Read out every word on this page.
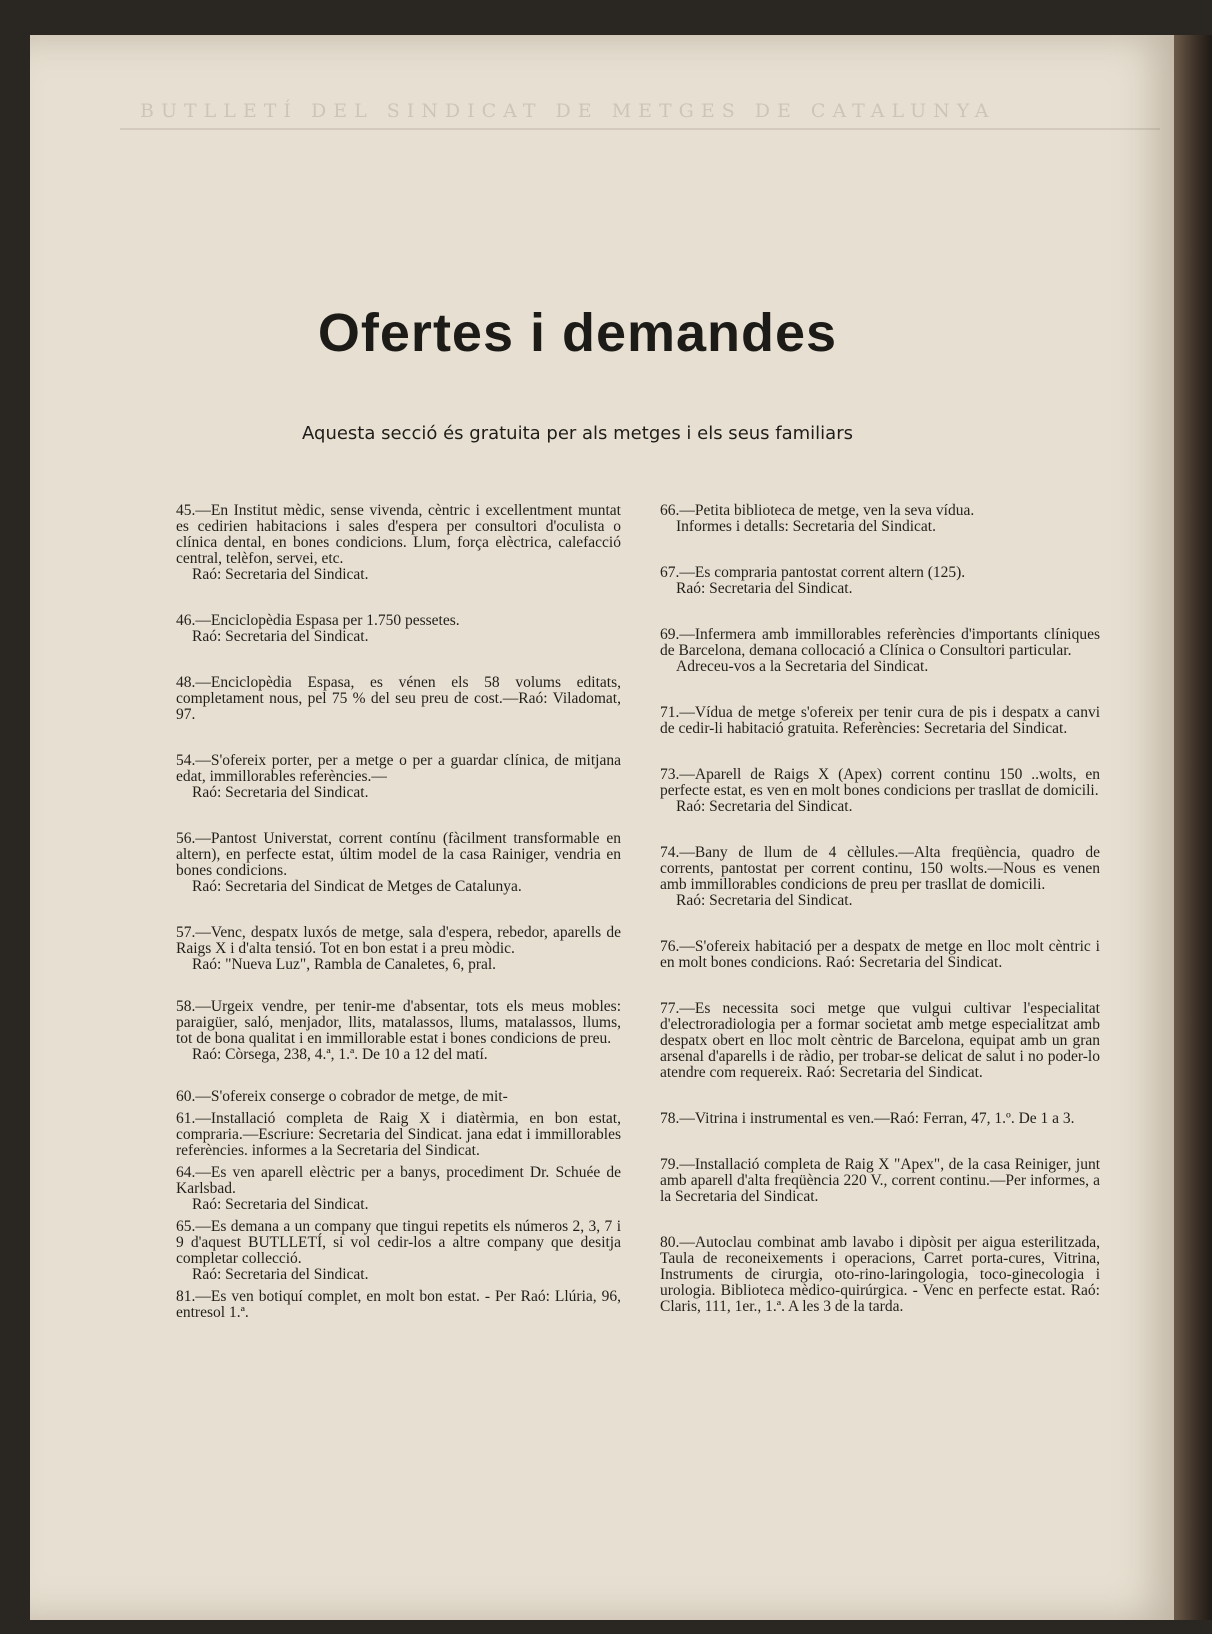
BUTLLETÍ DEL SINDICAT DE METGES DE CATALUNYA
Ofertes i demandes
Aquesta secció és gratuita per als metges i els seus familiars

45.—En Institut mèdic, sense vivenda, cèntric i excellentment muntat es cedirien habitacions i sales d'espera per consultori d'oculista o clínica dental, en bones condicions. Llum, força elèctrica, calefacció central, telèfon, servei, etc.

Raó: Secretaria del Sindicat.

46.—Enciclopèdia Espasa per 1.750 pessetes.

Raó: Secretaria del Sindicat.

48.—Enciclopèdia Espasa, es vénen els 58 volums editats, completament nous, pel 75 % del seu preu de cost.—Raó: Viladomat, 97.

54.—S'ofereix porter, per a metge o per a guardar clínica, de mitjana edat, immillorables referències.—

Raó: Secretaria del Sindicat.

56.—Pantost Universtat, corrent contínu (fàcilment transformable en altern), en perfecte estat, últim model de la casa Rainiger, vendria en bones condicions.

Raó: Secretaria del Sindicat de Metges de Catalunya.

57.—Venc, despatx luxós de metge, sala d'espera, rebedor, aparells de Raigs X i d'alta tensió. Tot en bon estat i a preu mòdic.

Raó: "Nueva Luz", Rambla de Canaletes, 6, pral.

58.—Urgeix vendre, per tenir-me d'absentar, tots els meus mobles: paraigüer, saló, menjador, llits, matalassos, llums, matalassos, llums, tot de bona qualitat i en immillorable estat i bones condicions de preu.

Raó: Còrsega, 238, 4.ª, 1.ª. De 10 a 12 del matí.

60.—S'ofereix conserge o cobrador de metge, de mit-

61.—Installació completa de Raig X i diatèrmia, en bon estat, compraria.—Escriure: Secretaria del Sindicat. jana edat i immillorables referències. informes a la Secretaria del Sindicat.

64.—Es ven aparell elèctric per a banys, procediment Dr. Schuée de Karlsbad.

Raó: Secretaria del Sindicat.

65.—Es demana a un company que tingui repetits els números 2, 3, 7 i 9 d'aquest BUTLLETÍ, si vol cedir-los a altre company que desitja completar collecció.

Raó: Secretaria del Sindicat.

81.—Es ven botiquí complet, en molt bon estat. - Per Raó: Llúria, 96, entresol 1.ª.

66.—Petita biblioteca de metge, ven la seva vídua.

Informes i detalls: Secretaria del Sindicat.

67.—Es compraria pantostat corrent altern (125).

Raó: Secretaria del Sindicat.

69.—Infermera amb immillorables referències d'importants clíniques de Barcelona, demana collocació a Clínica o Consultori particular.

Adreceu-vos a la Secretaria del Sindicat.

71.—Vídua de metge s'ofereix per tenir cura de pis i despatx a canvi de cedir-li habitació gratuita. Referències: Secretaria del Sindicat.

73.—Aparell de Raigs X (Apex) corrent continu 150 ..wolts, en perfecte estat, es ven en molt bones condicions per trasllat de domicili.

Raó: Secretaria del Sindicat.

74.—Bany de llum de 4 cèllules.—Alta freqüència, quadro de corrents, pantostat per corrent continu, 150 wolts.—Nous es venen amb immillorables condicions de preu per trasllat de domicili.

Raó: Secretaria del Sindicat.

76.—S'ofereix habitació per a despatx de metge en lloc molt cèntric i en molt bones condicions. Raó: Secretaria del Sindicat.

77.—Es necessita soci metge que vulgui cultivar l'especialitat d'electroradiologia per a formar societat amb metge especialitzat amb despatx obert en lloc molt cèntric de Barcelona, equipat amb un gran arsenal d'aparells i de ràdio, per trobar-se delicat de salut i no poder-lo atendre com requereix. Raó: Secretaria del Sindicat.

78.—Vitrina i instrumental es ven.—Raó: Ferran, 47, 1.º. De 1 a 3.

79.—Installació completa de Raig X "Apex", de la casa Reiniger, junt amb aparell d'alta freqüència 220 V., corrent continu.—Per informes, a la Secretaria del Sindicat.

80.—Autoclau combinat amb lavabo i dipòsit per aigua esterilitzada, Taula de reconeixements i operacions, Carret porta-cures, Vitrina, Instruments de cirurgia, oto-rino-laringologia, toco-ginecologia i urologia. Biblioteca mèdico-quirúrgica. - Venc en perfecte estat. Raó: Claris, 111, 1er., 1.ª. A les 3 de la tarda.
